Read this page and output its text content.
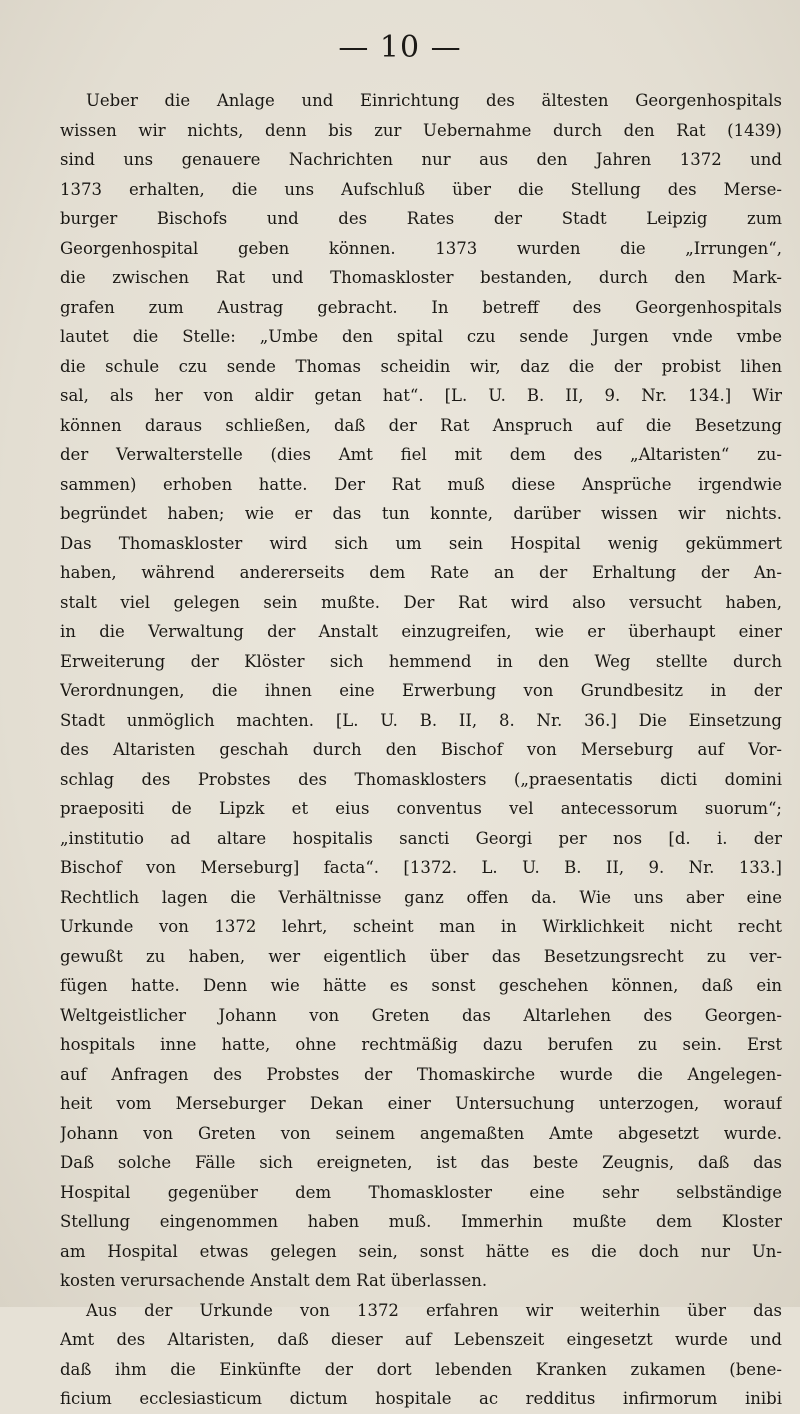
— 10 —
Ueber die Anlage und Einrichtung des ältesten Georgenhospitals
wissen wir nichts, denn bis zur Uebernahme durch den Rat (1439)
sind uns genauere Nachrichten nur aus den Jahren 1372 und
1373 erhalten, die uns Aufschluß über die Stellung des Merse-
burger Bischofs und des Rates der Stadt Leipzig zum
Georgenhospital geben können. 1373 wurden die „Irrungen“,
die zwischen Rat und Thomaskloster bestanden, durch den Mark-
grafen zum Austrag gebracht. In betreff des Georgenhospitals
lautet die Stelle: „Umbe den spital czu sende Jurgen vnde vmbe
die schule czu sende Thomas scheidin wir, daz die der probist lihen
sal, als her von aldir getan hat“. [L. U. B. II, 9. Nr. 134.] Wir
können daraus schließen, daß der Rat Anspruch auf die Besetzung
der Verwalterstelle (dies Amt fiel mit dem des „Altaristen“ zu-
sammen) erhoben hatte. Der Rat muß diese Ansprüche irgendwie
begründet haben; wie er das tun konnte, darüber wissen wir nichts.
Das Thomaskloster wird sich um sein Hospital wenig gekümmert
haben, während andererseits dem Rate an der Erhaltung der An-
stalt viel gelegen sein mußte. Der Rat wird also versucht haben,
in die Verwaltung der Anstalt einzugreifen, wie er überhaupt einer
Erweiterung der Klöster sich hemmend in den Weg stellte durch
Verordnungen, die ihnen eine Erwerbung von Grundbesitz in der
Stadt unmöglich machten. [L. U. B. II, 8. Nr. 36.] Die Einsetzung
des Altaristen geschah durch den Bischof von Merseburg auf Vor-
schlag des Probstes des Thomasklosters („praesentatis dicti domini
praepositi de Lipzk et eius conventus vel antecessorum suorum“;
„institutio ad altare hospitalis sancti Georgi per nos [d. i. der
Bischof von Merseburg] facta“. [1372. L. U. B. II, 9. Nr. 133.]
Rechtlich lagen die Verhältnisse ganz offen da. Wie uns aber eine
Urkunde von 1372 lehrt, scheint man in Wirklichkeit nicht recht
gewußt zu haben, wer eigentlich über das Besetzungsrecht zu ver-
fügen hatte. Denn wie hätte es sonst geschehen können, daß ein
Weltgeistlicher Johann von Greten das Altarlehen des Georgen-
hospitals inne hatte, ohne rechtmäßig dazu berufen zu sein. Erst
auf Anfragen des Probstes der Thomaskirche wurde die Angelegen-
heit vom Merseburger Dekan einer Untersuchung unterzogen, worauf
Johann von Greten von seinem angemaßten Amte abgesetzt wurde.
Daß solche Fälle sich ereigneten, ist das beste Zeugnis, daß das
Hospital gegenüber dem Thomaskloster eine sehr selbständige
Stellung eingenommen haben muß. Immerhin mußte dem Kloster
am Hospital etwas gelegen sein, sonst hätte es die doch nur Un-
kosten verursachende Anstalt dem Rat überlassen.
Aus der Urkunde von 1372 erfahren wir weiterhin über das
Amt des Altaristen, daß dieser auf Lebenszeit eingesetzt wurde und
daß ihm die Einkünfte der dort lebenden Kranken zukamen (bene-
ficium ecclesiasticum dictum hospitale ac redditus infirmorum inibi
